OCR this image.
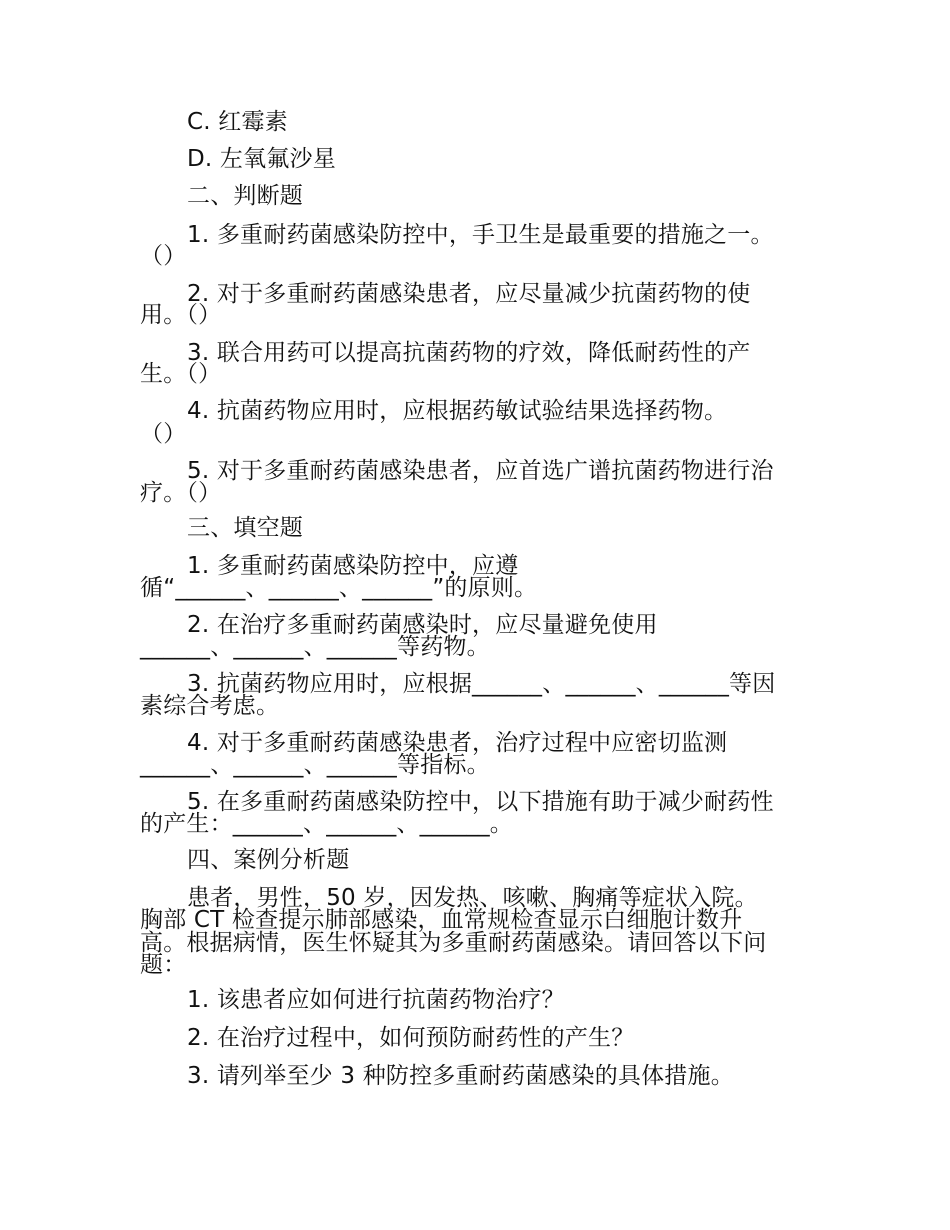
C. 红霉素
D. 左氧氟沙星
二、判断题
1. 多重耐药菌感染防控中，手卫生是最重要的措施之一。
（）
2. 对于多重耐药菌感染患者，应尽量减少抗菌药物的使
用。（）
3. 联合用药可以提高抗菌药物的疗效，降低耐药性的产
生。（）
4. 抗菌药物应用时，应根据药敏试验结果选择药物。
（）
5. 对于多重耐药菌感染患者，应首选广谱抗菌药物进行治
疗。（）
三、填空题
1. 多重耐药菌感染防控中，应遵
循“______、______、______”的原则。
2. 在治疗多重耐药菌感染时，应尽量避免使用
______、______、______等药物。
3. 抗菌药物应用时，应根据______、______、______等因
素综合考虑。
4. 对于多重耐药菌感染患者，治疗过程中应密切监测
______、______、______等指标。
5. 在多重耐药菌感染防控中，以下措施有助于减少耐药性
的产生：______、______、______。
四、案例分析题
患者，男性，50 岁，因发热、咳嗽、胸痛等症状入院。
胸部 CT 检查提示肺部感染，血常规检查显示白细胞计数升
高。根据病情，医生怀疑其为多重耐药菌感染。请回答以下问
题：
1. 该患者应如何进行抗菌药物治疗？
2. 在治疗过程中，如何预防耐药性的产生？
3. 请列举至少 3 种防控多重耐药菌感染的具体措施。
